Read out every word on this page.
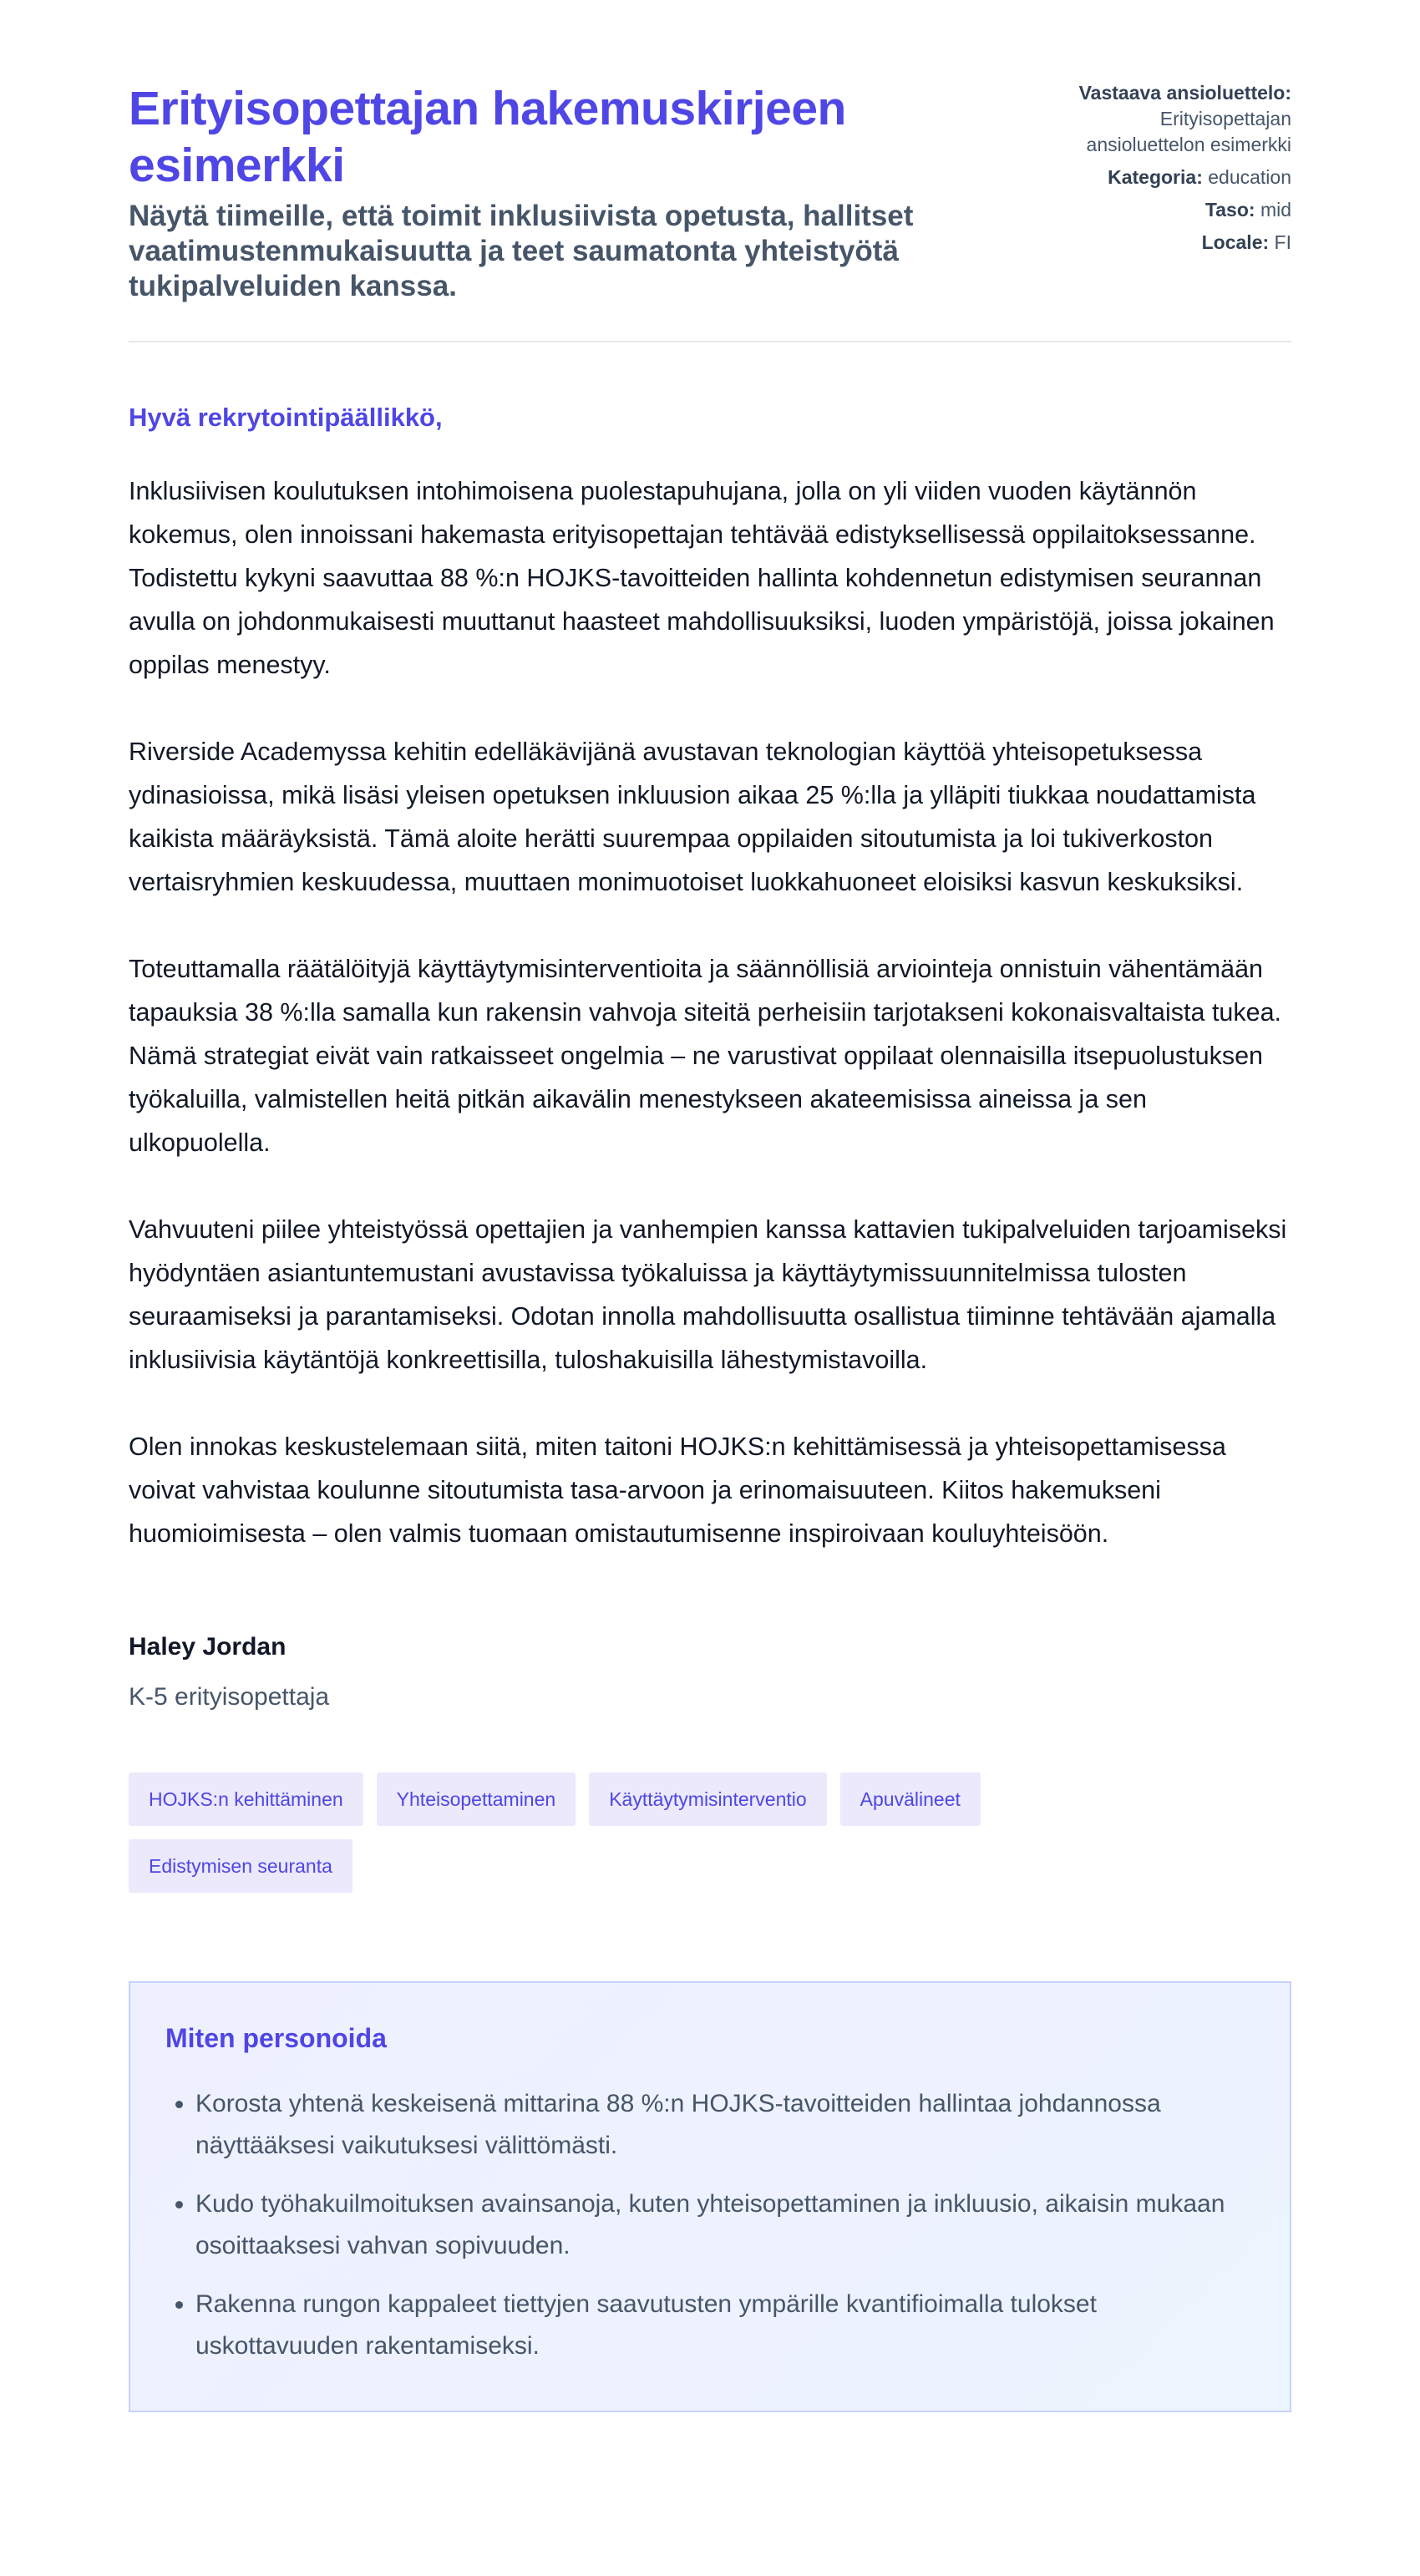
Erityisopettajan hakemuskirjeen esimerkki

Näytä tiimeille, että toimit inklusiivista opetusta, hallitset vaatimustenmukaisuutta ja teet saumatonta yhteistyötä tukipalveluiden kanssa.

Vastaava ansioluettelo:
Erityisopettajan ansioluettelon esimerkki
Kategoria: education
Taso: mid
Locale: FI
Hyvä rekrytointipäällikkö,

Inklusiivisen koulutuksen intohimoisena puolestapuhujana, jolla on yli viiden vuoden käytännön kokemus, olen innoissani hakemasta erityisopettajan tehtävää edistyksellisessä oppilaitoksessanne. Todistettu kykyni saavuttaa 88 %:n HOJKS-tavoitteiden hallinta kohdennetun edistymisen seurannan avulla on johdonmukaisesti muuttanut haasteet mahdollisuuksiksi, luoden ympäristöjä, joissa jokainen oppilas menestyy.

Riverside Academyssa kehitin edelläkävijänä avustavan teknologian käyttöä yhteisopetuksessa ydinasioissa, mikä lisäsi yleisen opetuksen inkluusion aikaa 25 %:lla ja ylläpiti tiukkaa noudattamista kaikista määräyksistä. Tämä aloite herätti suurempaa oppilaiden sitoutumista ja loi tukiverkoston vertaisryhmien keskuudessa, muuttaen monimuotoiset luokkahuoneet eloisiksi kasvun keskuksiksi.

Toteuttamalla räätälöityjä käyttäytymisinterventioita ja säännöllisiä arviointeja onnistuin vähentämään tapauksia 38 %:lla samalla kun rakensin vahvoja siteitä perheisiin tarjotakseni kokonaisvaltaista tukea. Nämä strategiat eivät vain ratkaisseet ongelmia – ne varustivat oppilaat olennaisilla itsepuolustuksen työkaluilla, valmistellen heitä pitkän aikavälin menestykseen akateemisissa aineissa ja sen ulkopuolella.

Vahvuuteni piilee yhteistyössä opettajien ja vanhempien kanssa kattavien tukipalveluiden tarjoamiseksi hyödyntäen asiantuntemustani avustavissa työkaluissa ja käyttäytymissuunnitelmissa tulosten seuraamiseksi ja parantamiseksi. Odotan innolla mahdollisuutta osallistua tiiminne tehtävään ajamalla inklusiivisia käytäntöjä konkreettisilla, tuloshakuisilla lähestymistavoilla.

Olen innokas keskustelemaan siitä, miten taitoni HOJKS:n kehittämisessä ja yhteisopettamisessa voivat vahvistaa koulunne sitoutumista tasa-arvoon ja erinomaisuuteen. Kiitos hakemukseni huomioimisesta – olen valmis tuomaan omistautumisenne inspiroivaan kouluyhteisöön.

Haley Jordan
K-5 erityisopettaja
HOJKS:n kehittäminen	Yhteisopettaminen	Käyttäytymisinterventio	Apuvälineet
Edistymisen seuranta
Miten personoida
• Korosta yhtenä keskeisenä mittarina 88 %:n HOJKS-tavoitteiden hallintaa johdannossa näyttääksesi vaikutuksesi välittömästi.
• Kudo työhakuilmoituksen avainsanoja, kuten yhteisopettaminen ja inkluusio, aikaisin mukaan osoittaaksesi vahvan sopivuuden.
• Rakenna rungon kappaleet tiettyjen saavutusten ympärille kvantifioimalla tulokset uskottavuuden rakentamiseksi.
